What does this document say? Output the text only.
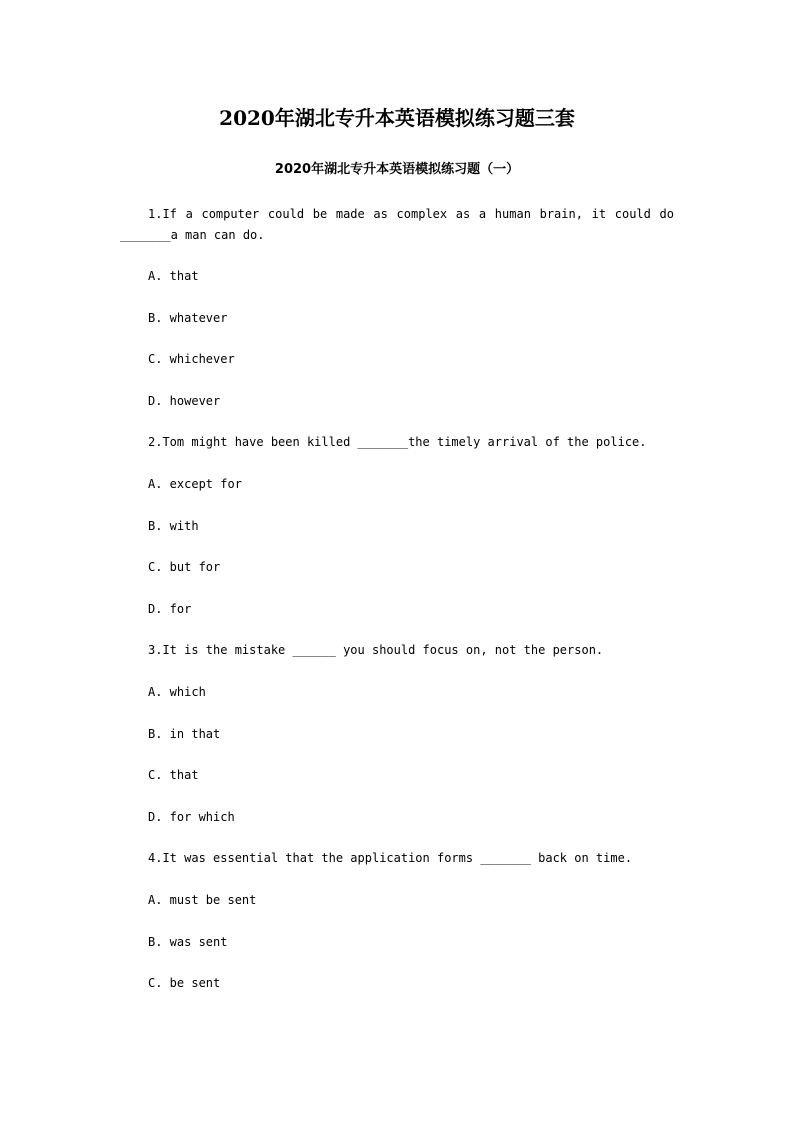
2020年湖北专升本英语模拟练习题三套
2020年湖北专升本英语模拟练习题（一）

1.If a computer could be made as complex as a human brain, it could do

_______a man can do.

A. that

B. whatever

C. whichever

D. however

2.Tom might have been killed _______the timely arrival of the police.

A. except for

B. with

C. but for

D. for

3.It is the mistake ______ you should focus on, not the person.

A. which

B. in that

C. that

D. for which

4.It was essential that the application forms _______ back on time.

A. must be sent

B. was sent

C. be sent
